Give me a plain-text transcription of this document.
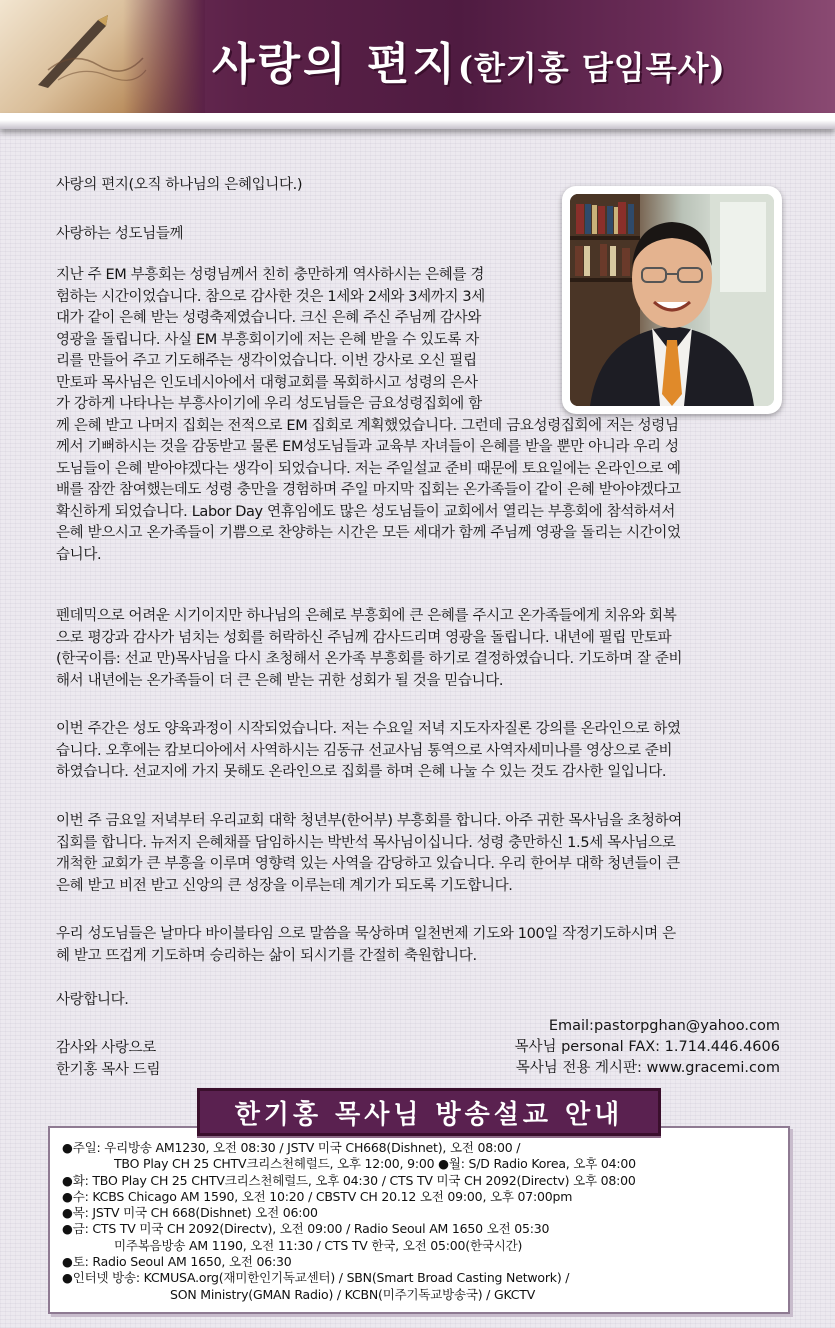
사랑의 편지(한기홍 담임목사)
사랑의 편지(오직 하나님의 은혜입니다.)
사랑하는 성도님들께
지난 주 EM 부흥회는 성령님께서 친히 충만하게 역사하시는 은혜를 경
험하는 시간이었습니다. 참으로 감사한 것은 1세와 2세와 3세까지 3세
대가 같이 은혜 받는 성령축제였습니다. 크신 은혜 주신 주님께 감사와
영광을 돌립니다. 사실 EM 부흥회이기에 저는 은혜 받을 수 있도록 자
리를 만들어 주고 기도해주는 생각이었습니다. 이번 강사로 오신 필립
만토파 목사님은 인도네시아에서 대형교회를 목회하시고 성령의 은사
가 강하게 나타나는 부흥사이기에 우리 성도님들은 금요성령집회에 함
께 은혜 받고 나머지 집회는 전적으로 EM 집회로 계획했었습니다. 그런데 금요성령집회에 저는 성령님
께서 기뻐하시는 것을 감동받고 물론 EM성도님들과 교육부 자녀들이 은혜를 받을 뿐만 아니라 우리 성
도님들이 은혜 받아야겠다는 생각이 되었습니다. 저는 주일설교 준비 때문에 토요일에는 온라인으로 예
배를 잠깐 참여했는데도 성령 충만을 경험하며 주일 마지막 집회는 온가족들이 같이 은혜 받아야겠다고
확신하게 되었습니다. Labor Day 연휴임에도 많은 성도님들이 교회에서 열리는 부흥회에 참석하셔서
은혜 받으시고 온가족들이 기쁨으로 찬양하는 시간은 모든 세대가 함께 주님께 영광을 돌리는 시간이었
습니다.
펜데믹으로 어려운 시기이지만 하나님의 은혜로 부흥회에 큰 은혜를 주시고 온가족들에게 치유와 회복
으로 평강과 감사가 넘치는 성회를 허락하신 주님께 감사드리며 영광을 돌립니다. 내년에 필립 만토파
(한국이름: 선교 만)목사님을 다시 초청해서 온가족 부흥회를 하기로 결정하였습니다. 기도하며 잘 준비
해서 내년에는 온가족들이 더 큰 은혜 받는 귀한 성회가 될 것을 믿습니다.
이번 주간은 성도 양육과정이 시작되었습니다. 저는 수요일 저녁 지도자자질론 강의를 온라인으로 하였
습니다. 오후에는 캄보디아에서 사역하시는 김동규 선교사님 통역으로 사역자세미나를 영상으로 준비
하였습니다. 선교지에 가지 못해도 온라인으로 집회를 하며 은혜 나눌 수 있는 것도 감사한 일입니다.
이번 주 금요일 저녁부터 우리교회 대학 청년부(한어부) 부흥회를 합니다. 아주 귀한 목사님을 초청하여
집회를 합니다. 뉴저지 은혜채플 담임하시는 박반석 목사님이십니다. 성령 충만하신 1.5세 목사님으로
개척한 교회가 큰 부흥을 이루며 영향력 있는 사역을 감당하고 있습니다. 우리 한어부 대학 청년들이 큰
은혜 받고 비전 받고 신앙의 큰 성장을 이루는데 계기가 되도록 기도합니다.
우리 성도님들은 날마다 바이블타임 으로 말씀을 묵상하며 일천번제 기도와 100일 작정기도하시며 은
혜 받고 뜨겁게 기도하며 승리하는 삶이 되시기를 간절히 축원합니다.
사랑합니다.
감사와 사랑으로
한기홍 목사 드림
Email:pastorpghan@yahoo.com
목사님 personal FAX: 1.714.446.4606
목사님 전용 게시판: www.gracemi.com
한기홍 목사님 방송설교 안내
●주일: 우리방송 AM1230, 오전 08:30 / JSTV 미국 CH668(Dishnet), 오전 08:00 /
TBO Play CH 25 CHTV크리스천헤럴드, 오후 12:00, 9:00 ●월: S/D Radio Korea, 오후 04:00
●화: TBO Play CH 25 CHTV크리스천헤럴드, 오후 04:30 / CTS TV 미국 CH 2092(Directv) 오후 08:00
●수: KCBS Chicago AM 1590, 오전 10:20 / CBSTV CH 20.12 오전 09:00, 오후 07:00pm
●목: JSTV 미국 CH 668(Dishnet) 오전 06:00
●금: CTS TV 미국 CH 2092(Directv), 오전 09:00 / Radio Seoul AM 1650 오전 05:30
미주복음방송 AM 1190, 오전 11:30 / CTS TV 한국, 오전 05:00(한국시간)
●토: Radio Seoul AM 1650, 오전 06:30
●인터넷 방송: KCMUSA.org(재미한인기독교센터) / SBN(Smart Broad Casting Network) /
SON Ministry(GMAN Radio) / KCBN(미주기독교방송국) / GKCTV
